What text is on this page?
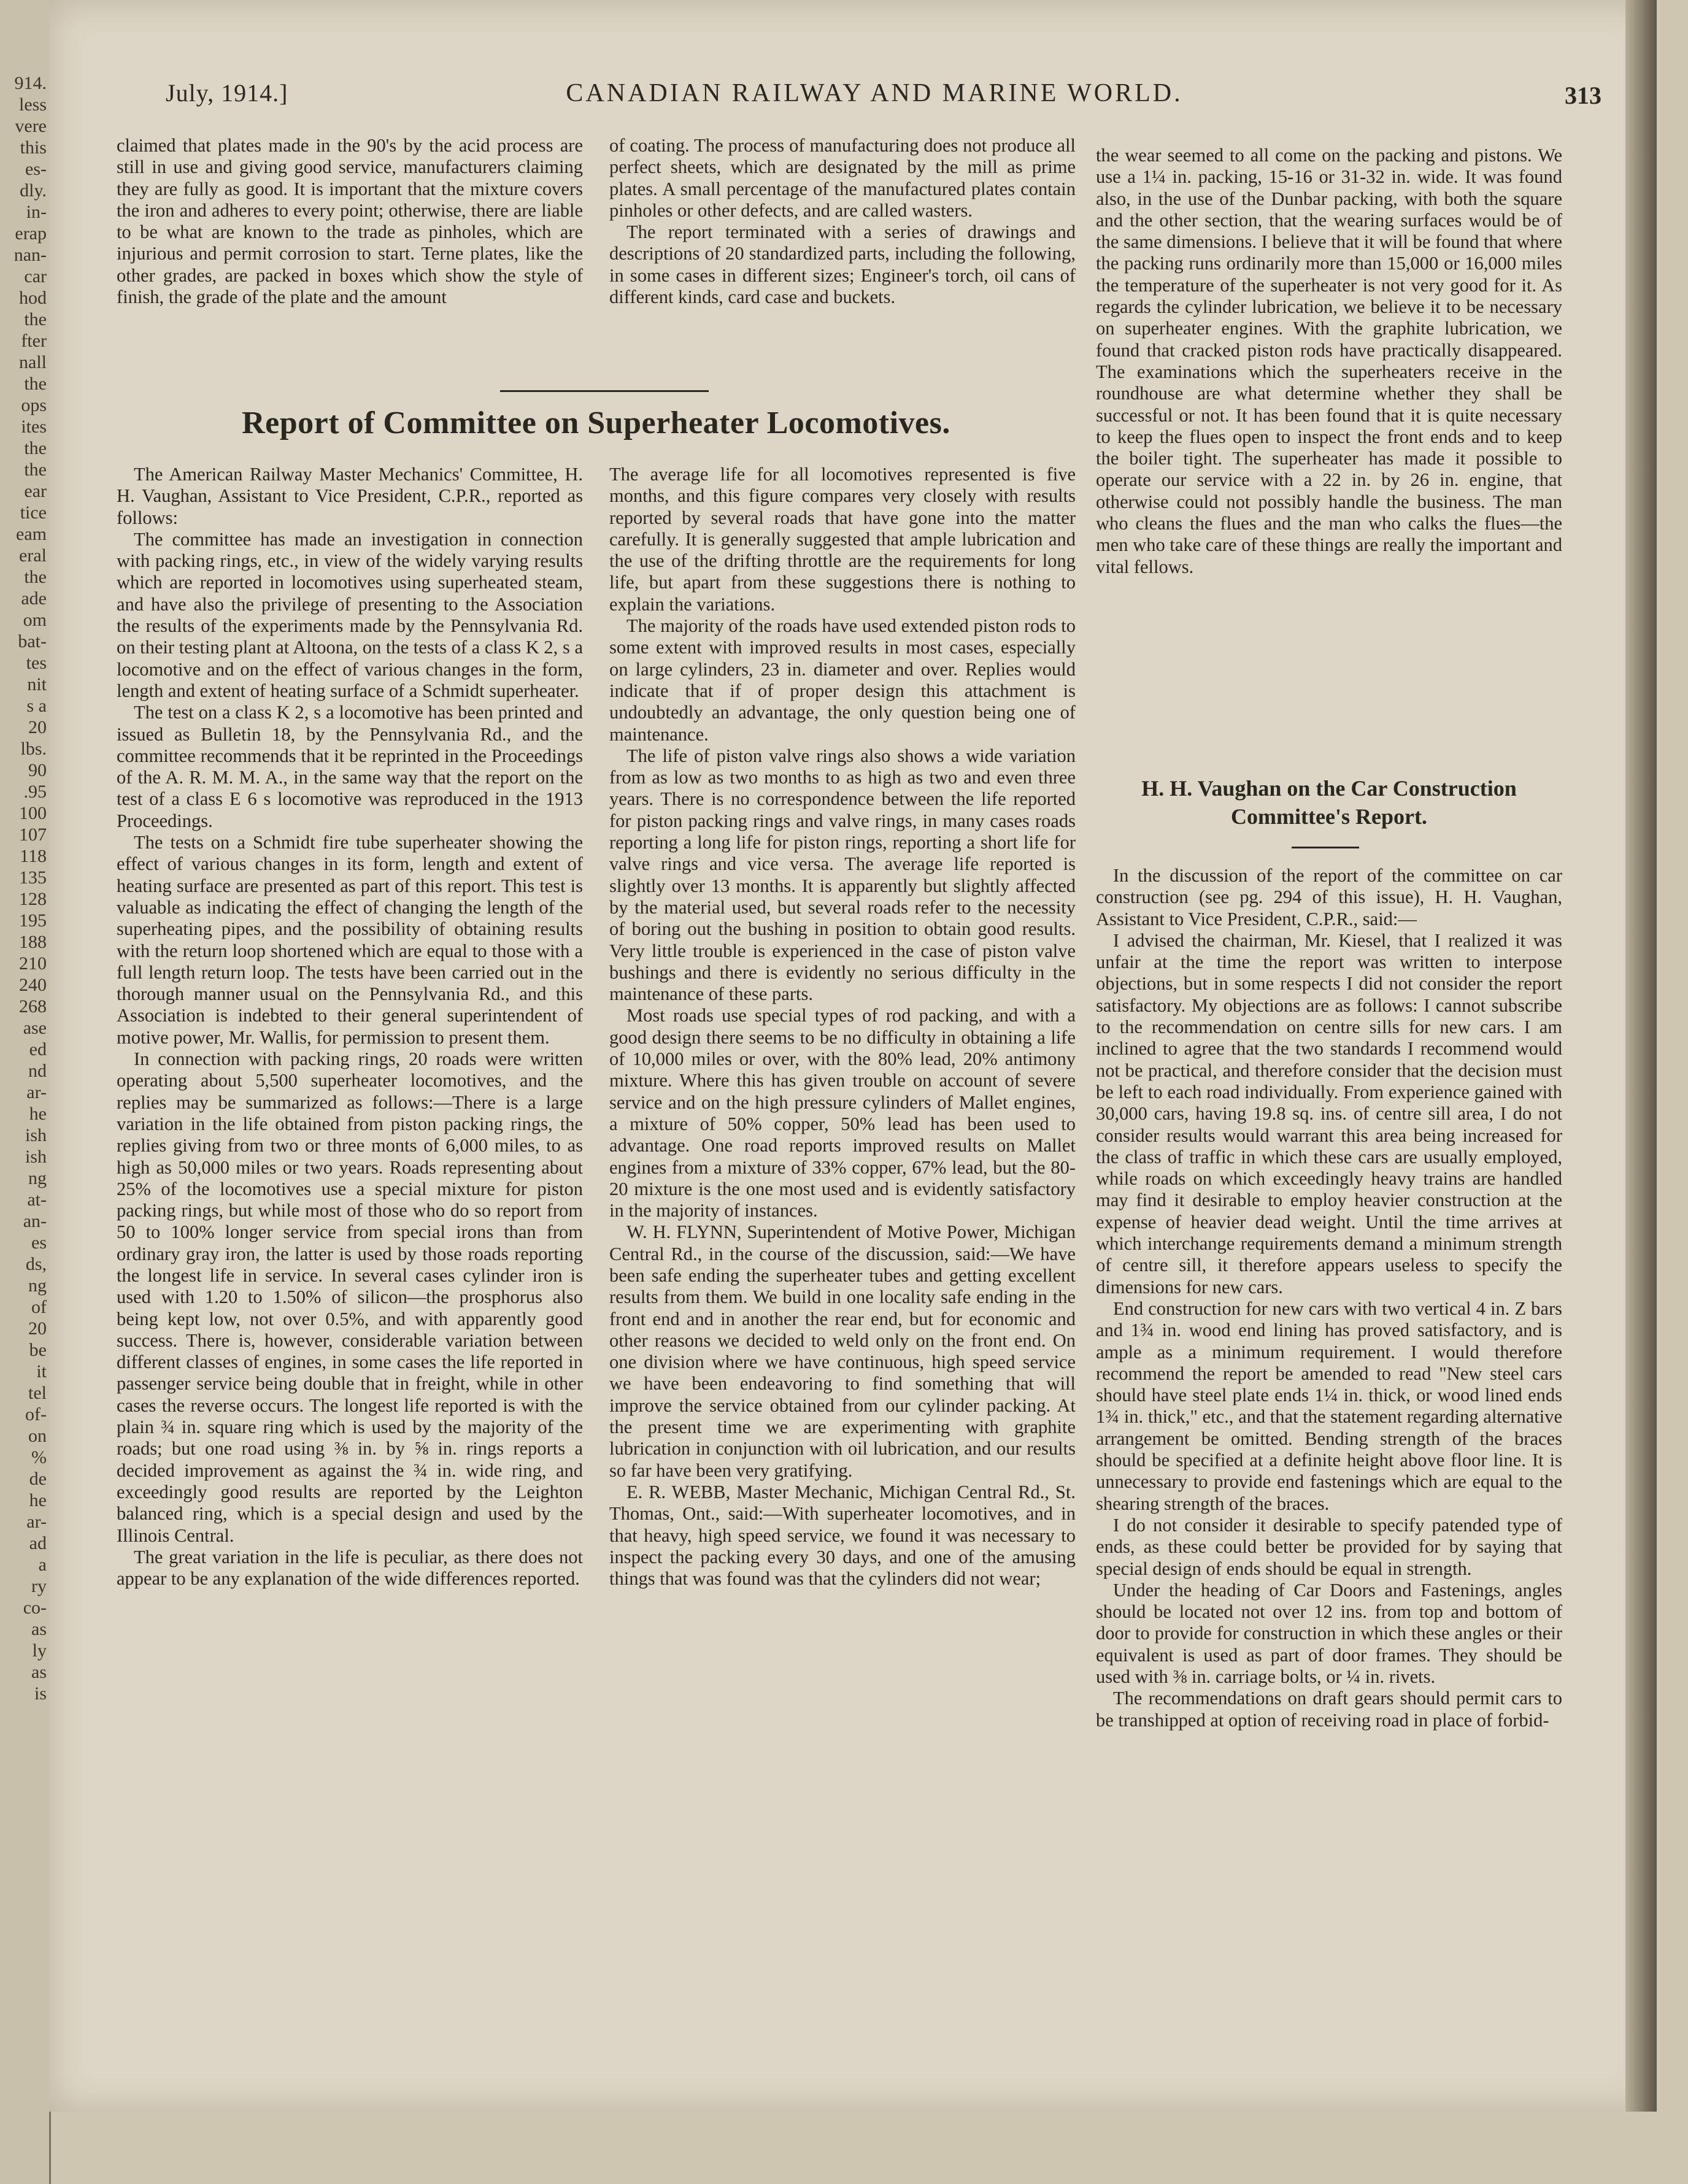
914.
less
vere
this
es-
dly.
in-
erap
nan-
car
hod
the
fter
nall
the
ops
ites
the
the
ear
tice
eam
eral
the
ade
om
bat-
tes
nit
s a
20
lbs.
90
.95
100
107
118
135
128
195
188
210
240
268
ase
ed
nd
ar-
he
ish
ish
ng
at-
an-
es
ds,
ng
of
20
be
it
tel
of-
on
%
de
he
ar-
ad
a
ry
co-
as
ly
as
is
July, 1914.]	CANADIAN RAILWAY AND MARINE WORLD.	313

claimed that plates made in the 90's by the acid process are still in use and giving good service, manufacturers claiming they are fully as good. It is important that the mixture covers the iron and adheres to every point; otherwise, there are liable to be what are known to the trade as pinholes, which are injurious and permit corrosion to start. Terne plates, like the other grades, are packed in boxes which show the style of finish, the grade of the plate and the amount

of coating. The process of manufacturing does not produce all perfect sheets, which are designated by the mill as prime plates. A small percentage of the manufactured plates contain pinholes or other defects, and are called wasters.

The report terminated with a series of drawings and descriptions of 20 standardized parts, including the following, in some cases in different sizes; Engineer's torch, oil cans of different kinds, card case and buckets.

Report of Committee on Superheater Locomotives.

The American Railway Master Mechanics' Committee, H. H. Vaughan, Assistant to Vice President, C.P.R., reported as follows:

The committee has made an investigation in connection with packing rings, etc., in view of the widely varying results which are reported in locomotives using superheated steam, and have also the privilege of presenting to the Association the results of the experiments made by the Pennsylvania Rd. on their testing plant at Altoona, on the tests of a class K 2, s a locomotive and on the effect of various changes in the form, length and extent of heating surface of a Schmidt superheater.

The test on a class K 2, s a locomotive has been printed and issued as Bulletin 18, by the Pennsylvania Rd., and the committee recommends that it be reprinted in the Proceedings of the A. R. M. M. A., in the same way that the report on the test of a class E 6 s locomotive was reproduced in the 1913 Proceedings.

The tests on a Schmidt fire tube superheater showing the effect of various changes in its form, length and extent of heating surface are presented as part of this report. This test is valuable as indicating the effect of changing the length of the superheating pipes, and the possibility of obtaining results with the return loop shortened which are equal to those with a full length return loop. The tests have been carried out in the thorough manner usual on the Pennsylvania Rd., and this Association is indebted to their general superintendent of motive power, Mr. Wallis, for permission to present them.

In connection with packing rings, 20 roads were written operating about 5,500 superheater locomotives, and the replies may be summarized as follows:—There is a large variation in the life obtained from piston packing rings, the replies giving from two or three monts of 6,000 miles, to as high as 50,000 miles or two years. Roads representing about 25% of the locomotives use a special mixture for piston packing rings, but while most of those who do so report from 50 to 100% longer service from special irons than from ordinary gray iron, the latter is used by those roads reporting the longest life in service. In several cases cylinder iron is used with 1.20 to 1.50% of silicon—the prosphorus also being kept low, not over 0.5%, and with apparently good success. There is, however, considerable variation between different classes of engines, in some cases the life reported in passenger service being double that in freight, while in other cases the reverse occurs. The longest life reported is with the plain ¾ in. square ring which is used by the majority of the roads; but one road using ⅜ in. by ⅝ in. rings reports a decided improvement as against the ¾ in. wide ring, and exceedingly good results are reported by the Leighton balanced ring, which is a special design and used by the Illinois Central.

The great variation in the life is peculiar, as there does not appear to be any explanation of the wide differences reported.

The average life for all locomotives represented is five months, and this figure compares very closely with results reported by several roads that have gone into the matter carefully. It is generally suggested that ample lubrication and the use of the drifting throttle are the requirements for long life, but apart from these suggestions there is nothing to explain the variations.

The majority of the roads have used extended piston rods to some extent with improved results in most cases, especially on large cylinders, 23 in. diameter and over. Replies would indicate that if of proper design this attachment is undoubtedly an advantage, the only question being one of maintenance.

The life of piston valve rings also shows a wide variation from as low as two months to as high as two and even three years. There is no correspondence between the life reported for piston packing rings and valve rings, in many cases roads reporting a long life for piston rings, reporting a short life for valve rings and vice versa. The average life reported is slightly over 13 months. It is apparently but slightly affected by the material used, but several roads refer to the necessity of boring out the bushing in position to obtain good results. Very little trouble is experienced in the case of piston valve bushings and there is evidently no serious difficulty in the maintenance of these parts.

Most roads use special types of rod packing, and with a good design there seems to be no difficulty in obtaining a life of 10,000 miles or over, with the 80% lead, 20% antimony mixture. Where this has given trouble on account of severe service and on the high pressure cylinders of Mallet engines, a mixture of 50% copper, 50% lead has been used to advantage. One road reports improved results on Mallet engines from a mixture of 33% copper, 67% lead, but the 80-20 mixture is the one most used and is evidently satisfactory in the majority of instances.

W. H. FLYNN, Superintendent of Motive Power, Michigan Central Rd., in the course of the discussion, said:—We have been safe ending the superheater tubes and getting excellent results from them. We build in one locality safe ending in the front end and in another the rear end, but for economic and other reasons we decided to weld only on the front end. On one division where we have continuous, high speed service we have been endeavoring to find something that will improve the service obtained from our cylinder packing. At the present time we are experimenting with graphite lubrication in conjunction with oil lubrication, and our results so far have been very gratifying.

E. R. WEBB, Master Mechanic, Michigan Central Rd., St. Thomas, Ont., said:—With superheater locomotives, and in that heavy, high speed service, we found it was necessary to inspect the packing every 30 days, and one of the amusing things that was found was that the cylinders did not wear;

the wear seemed to all come on the packing and pistons. We use a 1¼ in. packing, 15-16 or 31-32 in. wide. It was found also, in the use of the Dunbar packing, with both the square and the other section, that the wearing surfaces would be of the same dimensions. I believe that it will be found that where the packing runs ordinarily more than 15,000 or 16,000 miles the temperature of the superheater is not very good for it. As regards the cylinder lubrication, we believe it to be necessary on superheater engines. With the graphite lubrication, we found that cracked piston rods have practically disappeared. The examinations which the superheaters receive in the roundhouse are what determine whether they shall be successful or not. It has been found that it is quite necessary to keep the flues open to inspect the front ends and to keep the boiler tight. The superheater has made it possible to operate our service with a 22 in. by 26 in. engine, that otherwise could not possibly handle the business. The man who cleans the flues and the man who calks the flues—the men who take care of these things are really the important and vital fellows.

H. H. Vaughan on the Car Construction
Committee's Report.

In the discussion of the report of the committee on car construction (see pg. 294 of this issue), H. H. Vaughan, Assistant to Vice President, C.P.R., said:—

I advised the chairman, Mr. Kiesel, that I realized it was unfair at the time the report was written to interpose objections, but in some respects I did not consider the report satisfactory. My objections are as follows: I cannot subscribe to the recommendation on centre sills for new cars. I am inclined to agree that the two standards I recommend would not be practical, and therefore consider that the decision must be left to each road individually. From experience gained with 30,000 cars, having 19.8 sq. ins. of centre sill area, I do not consider results would warrant this area being increased for the class of traffic in which these cars are usually employed, while roads on which exceedingly heavy trains are handled may find it desirable to employ heavier construction at the expense of heavier dead weight. Until the time arrives at which interchange requirements demand a minimum strength of centre sill, it therefore appears useless to specify the dimensions for new cars.

End construction for new cars with two vertical 4 in. Z bars and 1¾ in. wood end lining has proved satisfactory, and is ample as a minimum requirement. I would therefore recommend the report be amended to read "New steel cars should have steel plate ends 1¼ in. thick, or wood lined ends 1¾ in. thick," etc., and that the statement regarding alternative arrangement be omitted. Bending strength of the braces should be specified at a definite height above floor line. It is unnecessary to provide end fastenings which are equal to the shearing strength of the braces.

I do not consider it desirable to specify patended type of ends, as these could better be provided for by saying that special design of ends should be equal in strength.

Under the heading of Car Doors and Fastenings, angles should be located not over 12 ins. from top and bottom of door to provide for construction in which these angles or their equivalent is used as part of door frames. They should be used with ⅜ in. carriage bolts, or ¼ in. rivets.

The recommendations on draft gears should permit cars to be transhipped at option of receiving road in place of forbid-
